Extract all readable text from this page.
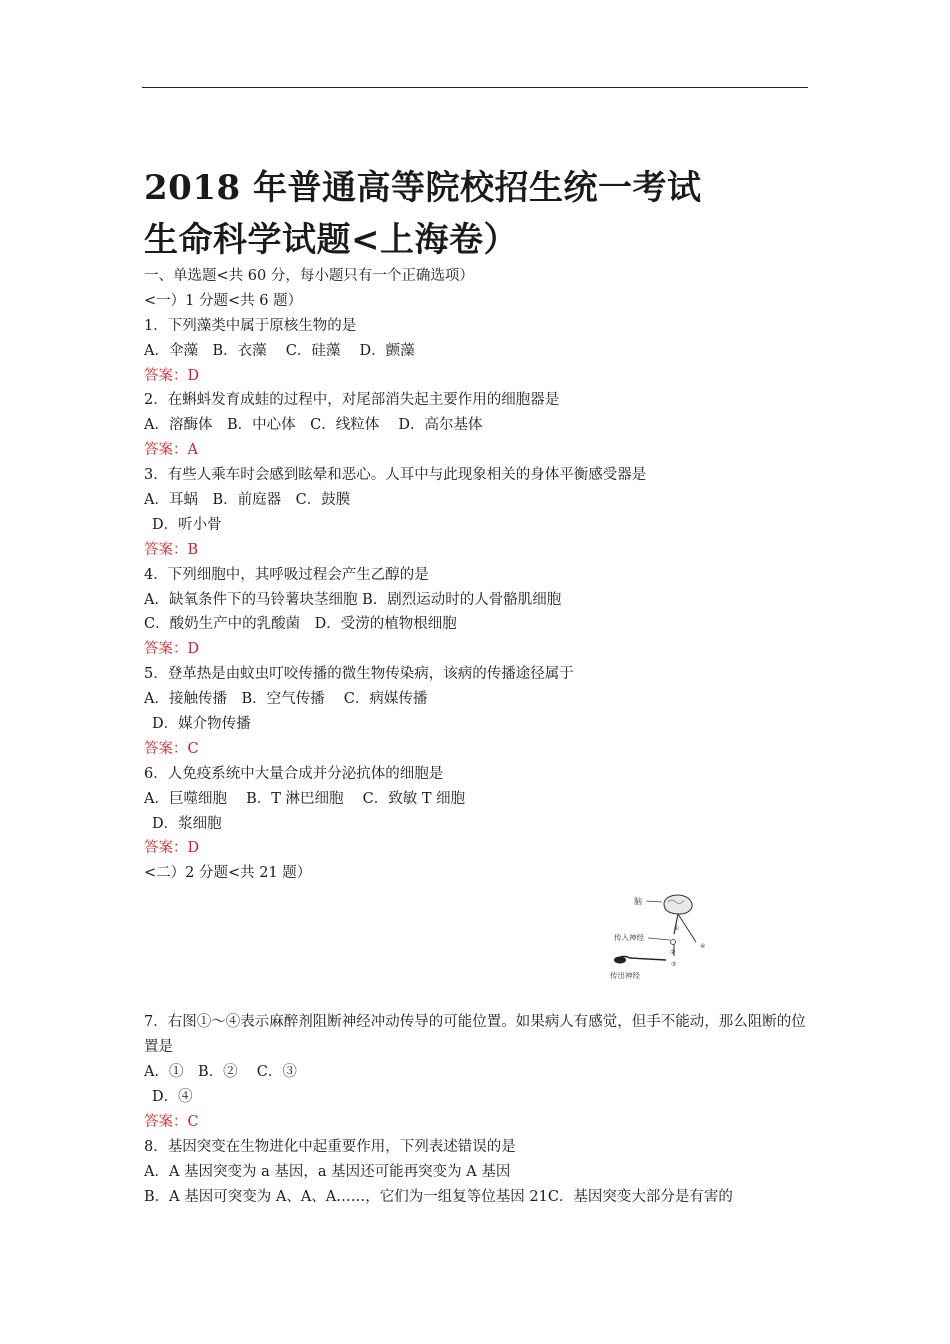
2018 年普通高等院校招生统一考试
生命科学试题<上海卷）
一、单选题<共 60 分，每小题只有一个正确选项）
<一）1 分题<共 6 题）
1．下列藻类中属于原核生物的是
A．伞藻　B．衣藻　 C．硅藻　 D．颤藻
答案：D
2．在蝌蚪发育成蛙的过程中，对尾部消失起主要作用的细胞器是
A．溶酶体　B．中心体　C．线粒体　 D．高尔基体
答案：A
3．有些人乘车时会感到眩晕和恶心。人耳中与此现象相关的身体平衡感受器是
A．耳蜗　B．前庭器　C．鼓膜
D．听小骨
答案：B
4．下列细胞中，其呼吸过程会产生乙醇的是
A．缺氧条件下的马铃薯块茎细胞 B．剧烈运动时的人骨骼肌细胞
C．酸奶生产中的乳酸菌　D．受涝的植物根细胞
答案：D
5．登革热是由蚊虫叮咬传播的微生物传染病，该病的传播途径属于
A．接触传播　B．空气传播　 C．病媒传播
D．媒介物传播
答案：C
6．人免疫系统中大量合成并分泌抗体的细胞是
A．巨噬细胞　 B．T 淋巴细胞　 C．致敏 T 细胞
D．浆细胞
答案：D
<二）2 分题<共 21 题）
7．右图①～④表示麻醉剂阻断神经冲动传导的可能位置。如果病人有感觉，但手不能动，那么阻断的位置是
A．①　B．②　 C．③
D．④
答案：C
8．基因突变在生物进化中起重要作用，下列表述错误的是
A．A 基因突变为 a 基因，a 基因还可能再突变为 A 基因
B．A 基因可突变为 A、A、A……，它们为一组复等位基因 21C．基因突变大部分是有害的
脑
①
④
传入神经
②
③
传出神经
